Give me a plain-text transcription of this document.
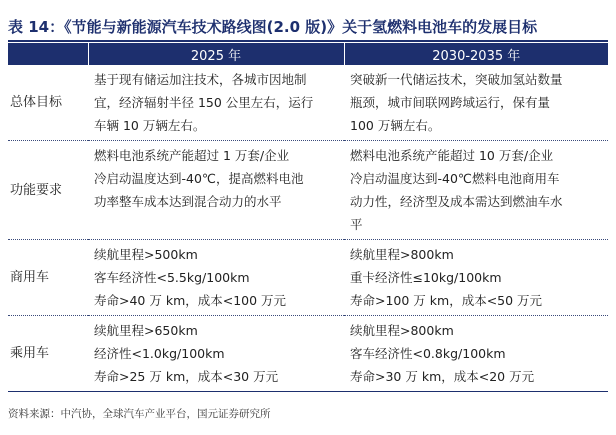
表 14：《节能与新能源汽车技术路线图(2.0 版)》关于氢燃料电池车的发展目标
	2025 年	2030-2035 年
总体目标	基于现有储运加注技术，各城市因地制
宜，经济辐射半径 150 公里左右，运行
车辆 10 万辆左右。	突破新一代储运技术，突破加氢站数量
瓶颈，城市间联网跨域运行，保有量
100 万辆左右。

功能要求	燃料电池系统产能超过 1 万套/企业
冷启动温度达到-40℃，提高燃料电池
功率整车成本达到混合动力的水平	燃料电池系统产能超过 10 万套/企业
冷启动温度达到-40℃燃料电池商用车
动力性，经济型及成本需达到燃油车水
平

商用车	续航里程>500km
客车经济性<5.5kg/100km
寿命>40 万 km，成本<100 万元	续航里程>800km
重卡经济性≤10kg/100km
寿命>100 万 km，成本<50 万元

乘用车	续航里程>650km
经济性<1.0kg/100km
寿命>25 万 km，成本<30 万元	续航里程>800km
客车经济性<0.8kg/100km
寿命>30 万 km，成本<20 万元
资料来源：中汽协，全球汽车产业平台，国元证券研究所
